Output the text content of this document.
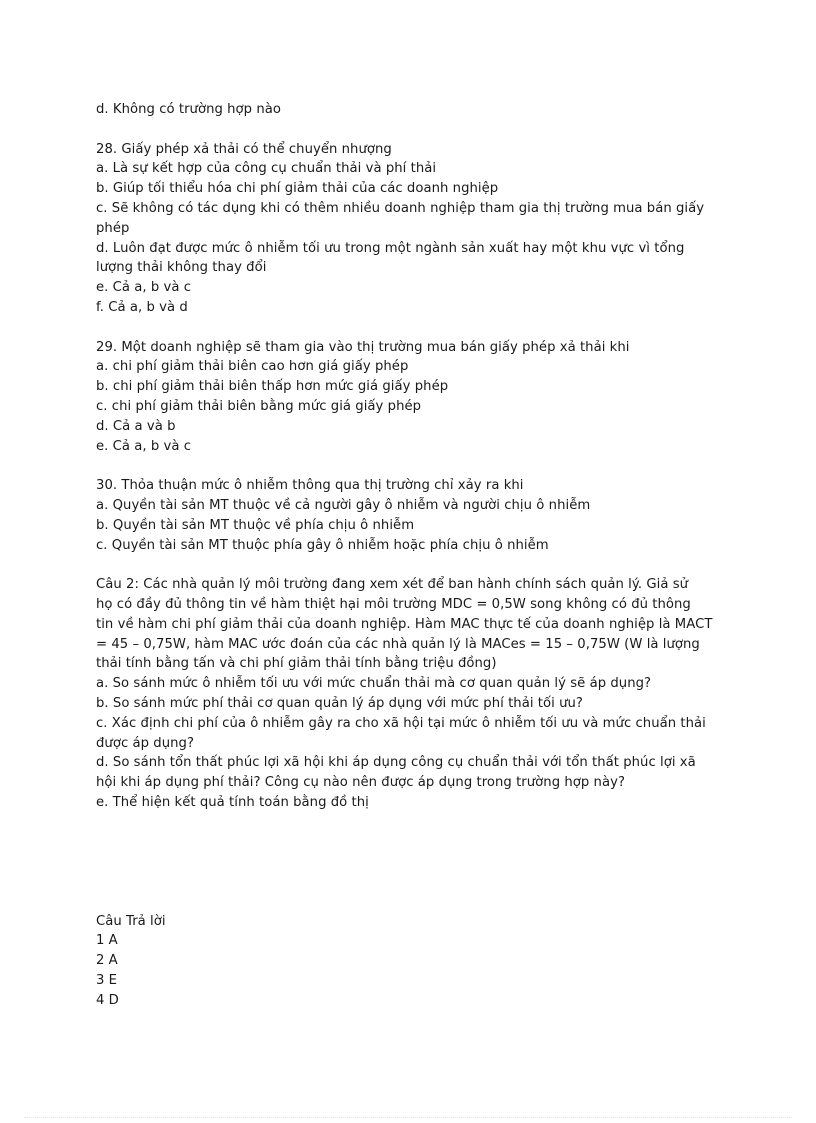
d. Không có trường hợp nào
28. Giấy phép xả thải có thể chuyển nhượng
a. Là sự kết hợp của công cụ chuẩn thải và phí thải
b. Giúp tối thiểu hóa chi phí giảm thải của các doanh nghiệp
c. Sẽ không có tác dụng khi có thêm nhiều doanh nghiệp tham gia thị trường mua bán giấy
phép
d. Luôn đạt được mức ô nhiễm tối ưu trong một ngành sản xuất hay một khu vực vì tổng
lượng thải không thay đổi
e. Cả a, b và c
f. Cả a, b và d
29. Một doanh nghiệp sẽ tham gia vào thị trường mua bán giấy phép xả thải khi
a. chi phí giảm thải biên cao hơn giá giấy phép
b. chi phí giảm thải biên thấp hơn mức giá giấy phép
c. chi phí giảm thải biên bằng mức giá giấy phép
d. Cả a và b
e. Cả a, b và c
30. Thỏa thuận mức ô nhiễm thông qua thị trường chỉ xảy ra khi
a. Quyền tài sản MT thuộc về cả người gây ô nhiễm và người chịu ô nhiễm
b. Quyền tài sản MT thuộc về phía chịu ô nhiễm
c. Quyền tài sản MT thuộc phía gây ô nhiễm hoặc phía chịu ô nhiễm
Câu 2: Các nhà quản lý môi trường đang xem xét để ban hành chính sách quản lý. Giả sử
họ có đầy đủ thông tin về hàm thiệt hại môi trường MDC = 0,5W song không có đủ thông
tin về hàm chi phí giảm thải của doanh nghiệp. Hàm MAC thực tế của doanh nghiệp là MACT
= 45 – 0,75W, hàm MAC ước đoán của các nhà quản lý là MACes = 15 – 0,75W (W là lượng
thải tính bằng tấn và chi phí giảm thải tính bằng triệu đồng)
a. So sánh mức ô nhiễm tối ưu với mức chuẩn thải mà cơ quan quản lý sẽ áp dụng?
b. So sánh mức phí thải cơ quan quản lý áp dụng với mức phí thải tối ưu?
c. Xác định chi phí của ô nhiễm gây ra cho xã hội tại mức ô nhiễm tối ưu và mức chuẩn thải
được áp dụng?
d. So sánh tổn thất phúc lợi xã hội khi áp dụng công cụ chuẩn thải với tổn thất phúc lợi xã
hội khi áp dụng phí thải? Công cụ nào nên được áp dụng trong trường hợp này?
e. Thể hiện kết quả tính toán bằng đồ thị
Câu Trả lời
1 A
2 A
3 E
4 D
